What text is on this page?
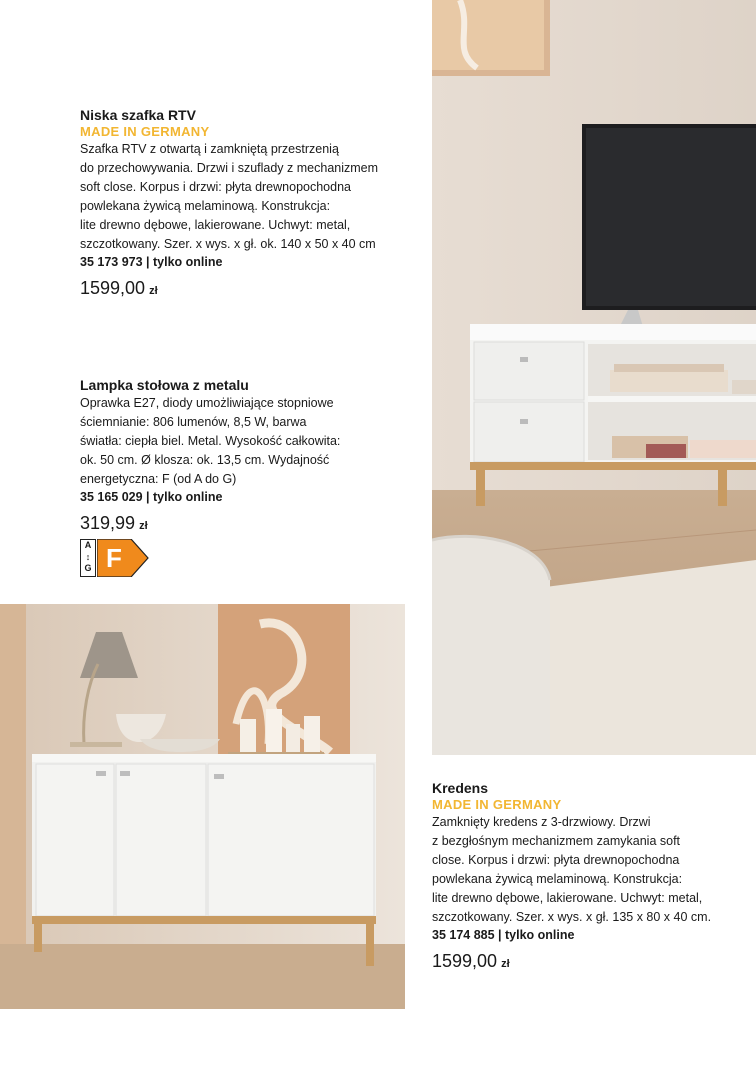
Niska szafka RTV

MADE IN GERMANY

Szafka RTV z otwartą i zamkniętą przestrzenią
do przechowywania. Drzwi i szuflady z mechanizmem
soft close. Korpus i drzwi: płyta drewnopochodna
powlekana żywicą melaminową. Konstrukcja:
lite drewno dębowe, lakierowane. Uchwyt: metal,
szczotkowany. Szer. x wys. x gł. ok. 140 x 50 x 40 cm

35 173 973 | tylko online
1599,00 zł

Lampka stołowa z metalu

Oprawka E27, diody umożliwiające stopniowe
ściemnianie: 806 lumenów, 8,5 W, barwa
światła: ciepła biel. Metal. Wysokość całkowita:
ok. 50 cm. Ø klosza: ok. 13,5 cm. Wydajność
energetyczna: F (od A do G)

35 165 029 | tylko online
319,99 zł
A
↕
G F

Kredens

MADE IN GERMANY

Zamknięty kredens z 3-drzwiowy. Drzwi
z bezgłośnym mechanizmem zamykania soft
close. Korpus i drzwi: płyta drewnopochodna
powlekana żywicą melaminową. Konstrukcja:
lite drewno dębowe, lakierowane. Uchwyt: metal,
szczotkowany. Szer. x wys. x gł. 135 x 80 x 40 cm.

35 174 885 | tylko online
1599,00 zł
